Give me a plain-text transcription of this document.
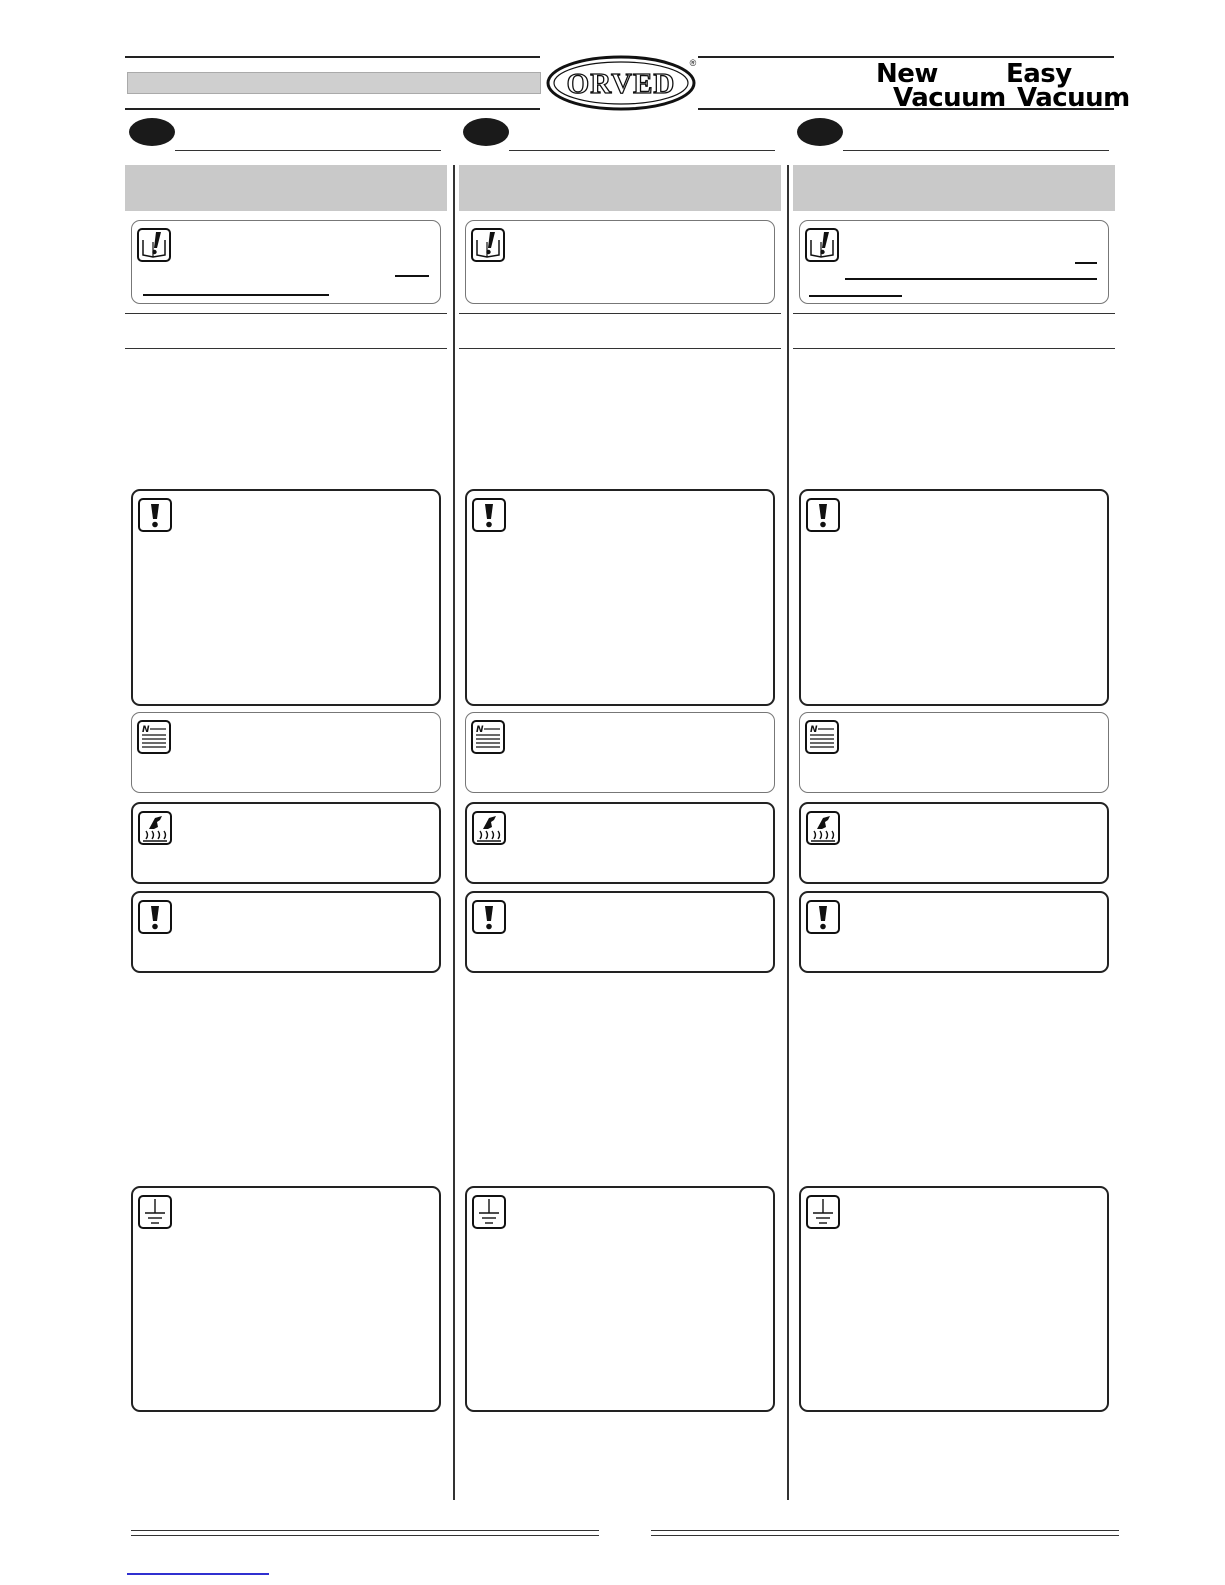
ORVED
®	New
Vacuum
Easy
Vacuum
N	N	N
